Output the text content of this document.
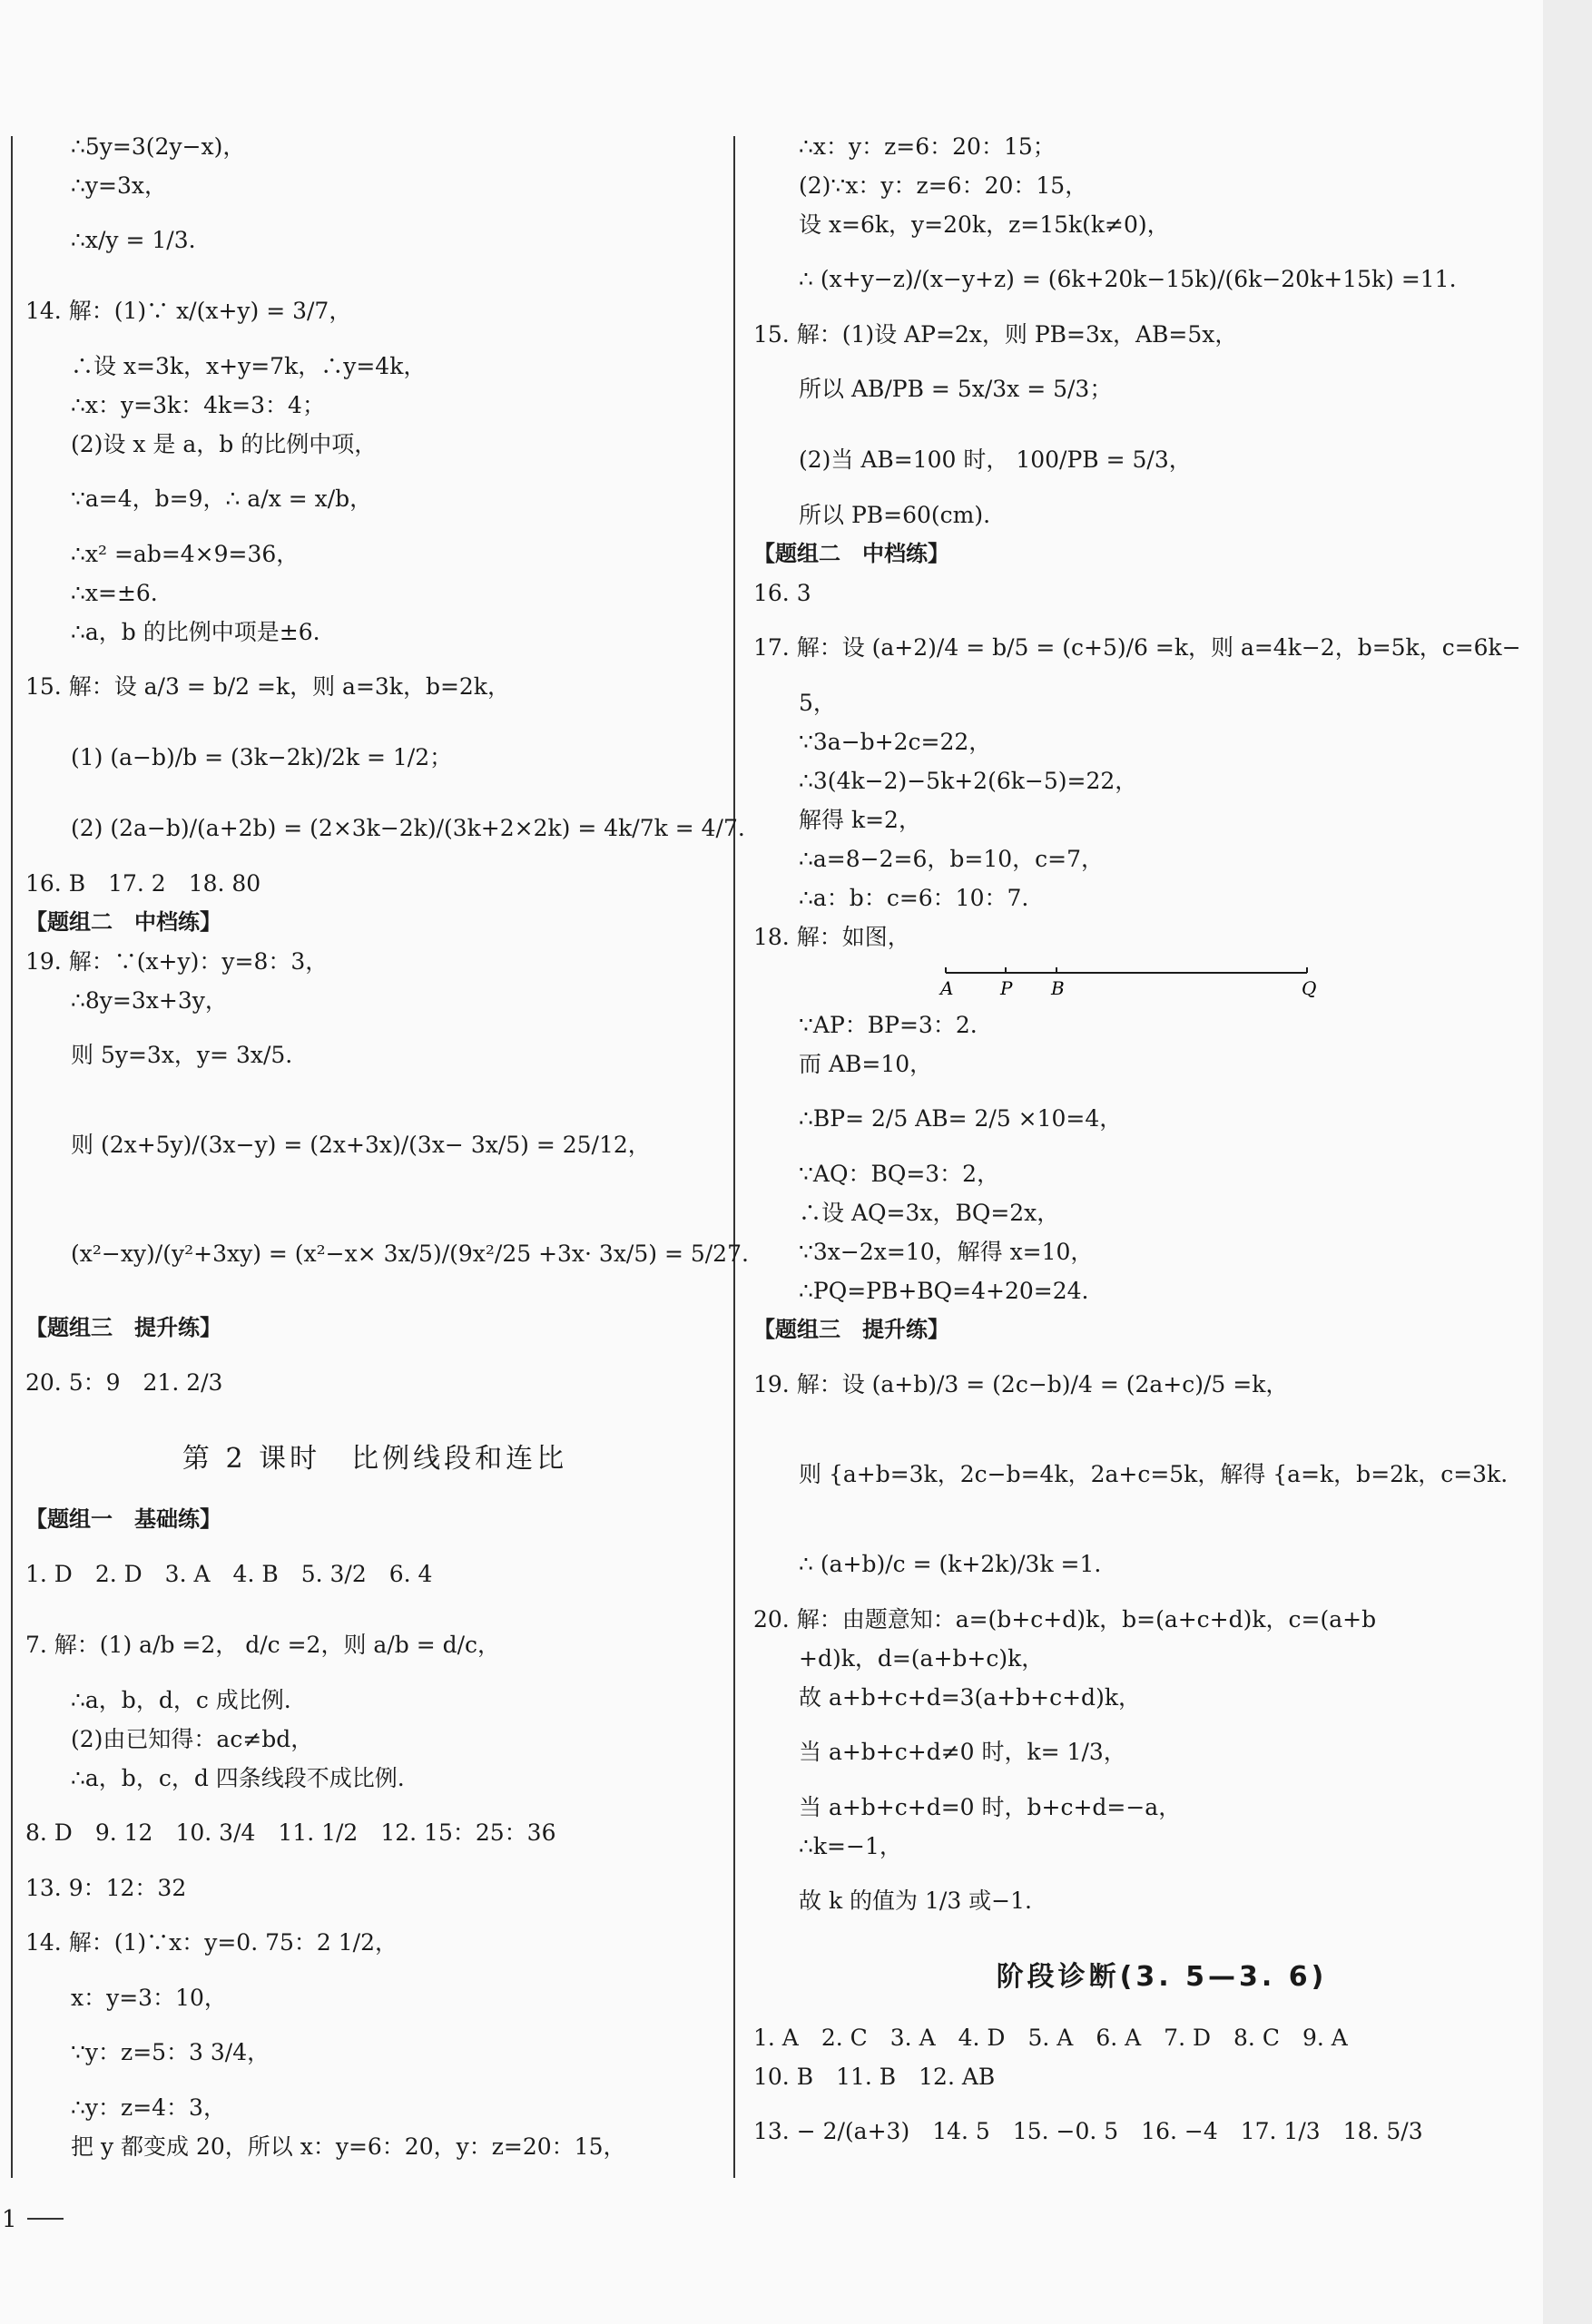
∴5y=3(2y−x)，
∴y=3x，
∴x/y = 1/3.
14. 解：(1)∵ x/(x+y) = 3/7，
∴设 x=3k，x+y=7k，∴y=4k，
∴x：y=3k：4k=3：4；
(2)设 x 是 a，b 的比例中项，
∵a=4，b=9，∴ a/x = x/b，
∴x² =ab=4×9=36，
∴x=±6.
∴a，b 的比例中项是±6.
15. 解：设 a/3 = b/2 =k，则 a=3k，b=2k，
(1) (a−b)/b = (3k−2k)/2k = 1/2；
(2) (2a−b)/(a+2b) = (2×3k−2k)/(3k+2×2k) = 4k/7k = 4/7.
16. B　17. 2　18. 80
【题组二　中档练】
19. 解：∵(x+y)：y=8：3，
∴8y=3x+3y，
则 5y=3x，y= 3x/5.
则 (2x+5y)/(3x−y) = (2x+3x)/(3x− 3x/5) = 25/12，
(x²−xy)/(y²+3xy) = (x²−x× 3x/5)/(9x²/25 +3x· 3x/5) = 5/27.
【题组三　提升练】
20. 5：9　21. 2/3
第 2 课时　比例线段和连比
【题组一　基础练】
1. D　2. D　3. A　4. B　5. 3/2　6. 4
7. 解：(1) a/b =2， d/c =2，则 a/b = d/c，
∴a，b，d，c 成比例.
(2)由已知得：ac≠bd，
∴a，b，c，d 四条线段不成比例.
8. D　9. 12　10. 3/4　11. 1/2　12. 15：25：36
13. 9：12：32
14. 解：(1)∵x：y=0. 75：2 1/2，
x：y=3：10，
∵y：z=5：3 3/4，
∴y：z=4：3，
把 y 都变成 20，所以 x：y=6：20，y：z=20：15，
∴x：y：z=6：20：15；
(2)∵x：y：z=6：20：15，
设 x=6k，y=20k，z=15k(k≠0)，
∴ (x+y−z)/(x−y+z) = (6k+20k−15k)/(6k−20k+15k) =11.
15. 解：(1)设 AP=2x，则 PB=3x，AB=5x，
所以 AB/PB = 5x/3x = 5/3；
(2)当 AB=100 时， 100/PB = 5/3，
所以 PB=60(cm).
【题组二　中档练】
16. 3
17. 解：设 (a+2)/4 = b/5 = (c+5)/6 =k，则 a=4k−2，b=5k，c=6k−
5，
∵3a−b+2c=22，
∴3(4k−2)−5k+2(6k−5)=22，
解得 k=2，
∴a=8−2=6，b=10，c=7，
∴a：b：c=6：10：7.
18. 解：如图，
A	P B	Q
∵AP：BP=3：2.
而 AB=10，
∴BP= 2/5 AB= 2/5 ×10=4，
∵AQ：BQ=3：2，
∴设 AQ=3x，BQ=2x，
∵3x−2x=10，解得 x=10，
∴PQ=PB+BQ=4+20=24.
【题组三　提升练】
19. 解：设 (a+b)/3 = (2c−b)/4 = (2a+c)/5 =k，
则 {a+b=3k，2c−b=4k，2a+c=5k，解得 {a=k，b=2k，c=3k.
∴ (a+b)/c = (k+2k)/3k =1.
20. 解：由题意知：a=(b+c+d)k，b=(a+c+d)k，c=(a+b
+d)k，d=(a+b+c)k，
故 a+b+c+d=3(a+b+c+d)k，
当 a+b+c+d≠0 时，k= 1/3，
当 a+b+c+d=0 时，b+c+d=−a，
∴k=−1，
故 k 的值为 1/3 或−1.
阶段诊断(3. 5—3. 6)
1. A　2. C　3. A　4. D　5. A　6. A　7. D　8. C　9. A
10. B　11. B　12. AB
13. − 2/(a+3)　14. 5　15. −0. 5　16. −4　17. 1/3　18. 5/3
1
